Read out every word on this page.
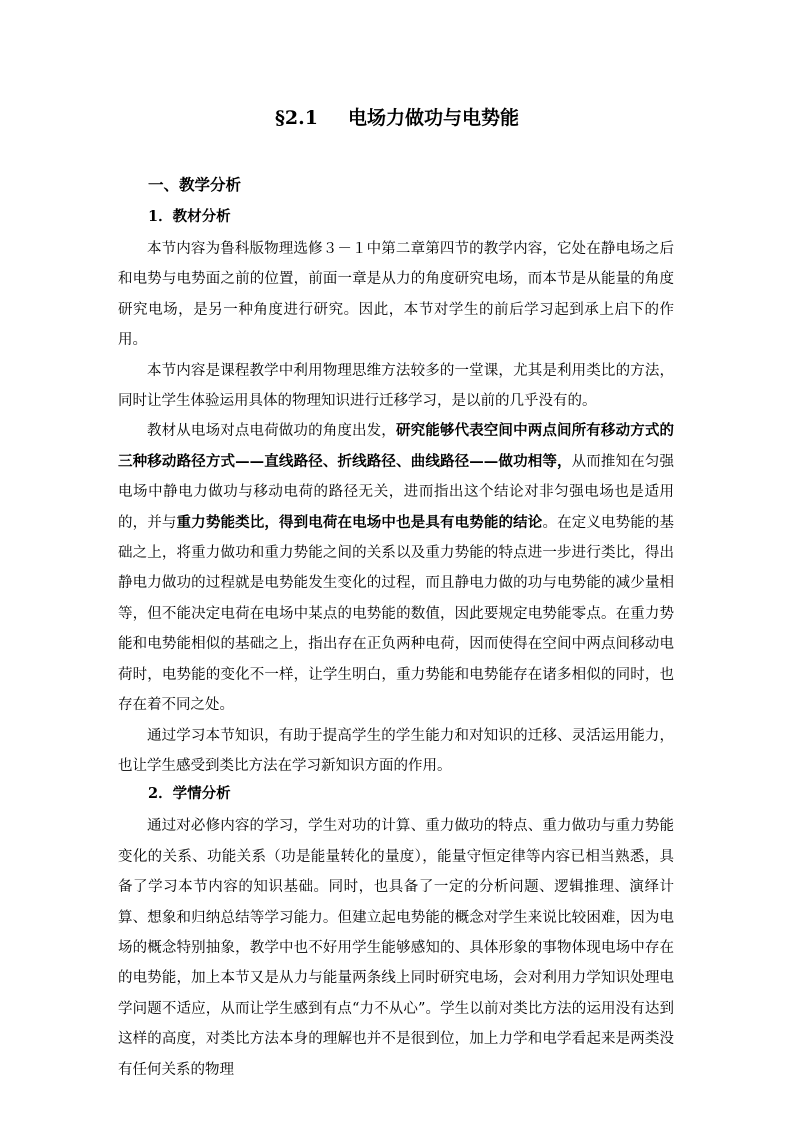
§2.1 电场力做功与电势能
一、教学分析
1．教材分析

本节内容为鲁科版物理选修３－１中第二章第四节的教学内容，它处在静电场之后和电势与电势面之前的位置，前面一章是从力的角度研究电场，而本节是从能量的角度研究电场，是另一种角度进行研究。因此，本节对学生的前后学习起到承上启下的作用。

本节内容是课程教学中利用物理思维方法较多的一堂课，尤其是利用类比的方法，同时让学生体验运用具体的物理知识进行迁移学习，是以前的几乎没有的。

教材从电场对点电荷做功的角度出发，研究能够代表空间中两点间所有移动方式的三种移动路径方式——直线路径、折线路径、曲线路径——做功相等，从而推知在匀强电场中静电力做功与移动电荷的路径无关，进而指出这个结论对非匀强电场也是适用的，并与重力势能类比，得到电荷在电场中也是具有电势能的结论。在定义电势能的基础之上，将重力做功和重力势能之间的关系以及重力势能的特点进一步进行类比，得出静电力做功的过程就是电势能发生变化的过程，而且静电力做的功与电势能的减少量相等，但不能决定电荷在电场中某点的电势能的数值，因此要规定电势能零点。在重力势能和电势能相似的基础之上，指出存在正负两种电荷，因而使得在空间中两点间移动电荷时，电势能的变化不一样，让学生明白，重力势能和电势能存在诸多相似的同时，也存在着不同之处。

通过学习本节知识，有助于提高学生的学生能力和对知识的迁移、灵活运用能力，也让学生感受到类比方法在学习新知识方面的作用。

2．学情分析

通过对必修内容的学习，学生对功的计算、重力做功的特点、重力做功与重力势能变化的关系、功能关系（功是能量转化的量度），能量守恒定律等内容已相当熟悉，具备了学习本节内容的知识基础。同时，也具备了一定的分析问题、逻辑推理、演绎计算、想象和归纳总结等学习能力。但建立起电势能的概念对学生来说比较困难，因为电场的概念特别抽象，教学中也不好用学生能够感知的、具体形象的事物体现电场中存在的电势能，加上本节又是从力与能量两条线上同时研究电场，会对利用力学知识处理电学问题不适应，从而让学生感到有点“力不从心”。学生以前对类比方法的运用没有达到这样的高度，对类比方法本身的理解也并不是很到位，加上力学和电学看起来是两类没有任何关系的物理
